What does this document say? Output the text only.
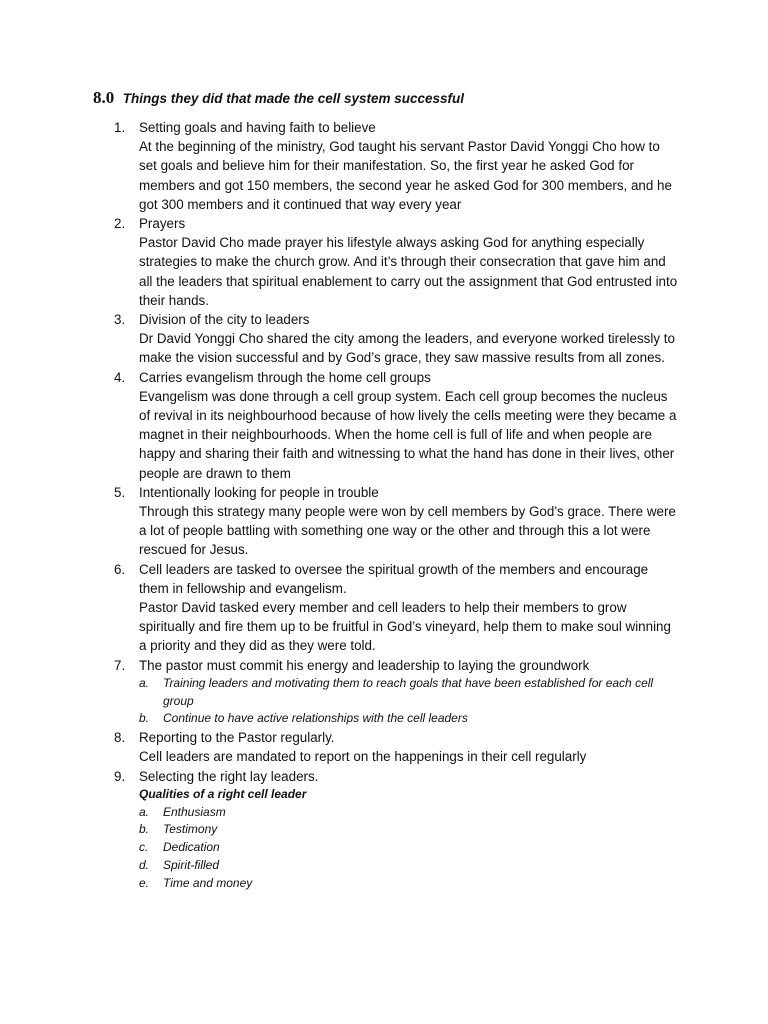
8.0 Things they did that made the cell system successful
1.	Setting goals and having faith to believe
At the beginning of the ministry, God taught his servant Pastor David Yonggi Cho how to set goals and believe him for their manifestation. So, the first year he asked God for members and got 150 members, the second year he asked God for 300 members, and he got 300 members and it continued that way every year
2.	Prayers
Pastor David Cho made prayer his lifestyle always asking God for anything especially strategies to make the church grow. And it’s through their consecration that gave him and all the leaders that spiritual enablement to carry out the assignment that God entrusted into their hands.
3.	Division of the city to leaders
Dr David Yonggi Cho shared the city among the leaders, and everyone worked tirelessly to make the vision successful and by God’s grace, they saw massive results from all zones.
4.	Carries evangelism through the home cell groups
Evangelism was done through a cell group system. Each cell group becomes the nucleus of revival in its neighbourhood because of how lively the cells meeting were they became a magnet in their neighbourhoods. When the home cell is full of life and when people are happy and sharing their faith and witnessing to what the hand has done in their lives, other people are drawn to them
5.	Intentionally looking for people in trouble
Through this strategy many people were won by cell members by God’s grace. There were a lot of people battling with something one way or the other and through this a lot were rescued for Jesus.
6.	Cell leaders are tasked to oversee the spiritual growth of the members and encourage them in fellowship and evangelism.
Pastor David tasked every member and cell leaders to help their members to grow spiritually and fire them up to be fruitful in God’s vineyard, help them to make soul winning a priority and they did as they were told.
7.	The pastor must commit his energy and leadership to laying the groundwork
a. Training leaders and motivating them to reach goals that have been established for each cell group
b. Continue to have active relationships with the cell leaders
8.	Reporting to the Pastor regularly.
Cell leaders are mandated to report on the happenings in their cell regularly
9.	Selecting the right lay leaders.
Qualities of a right cell leader
a. Enthusiasm
b. Testimony
c. Dedication
d. Spirit-filled
e. Time and money
